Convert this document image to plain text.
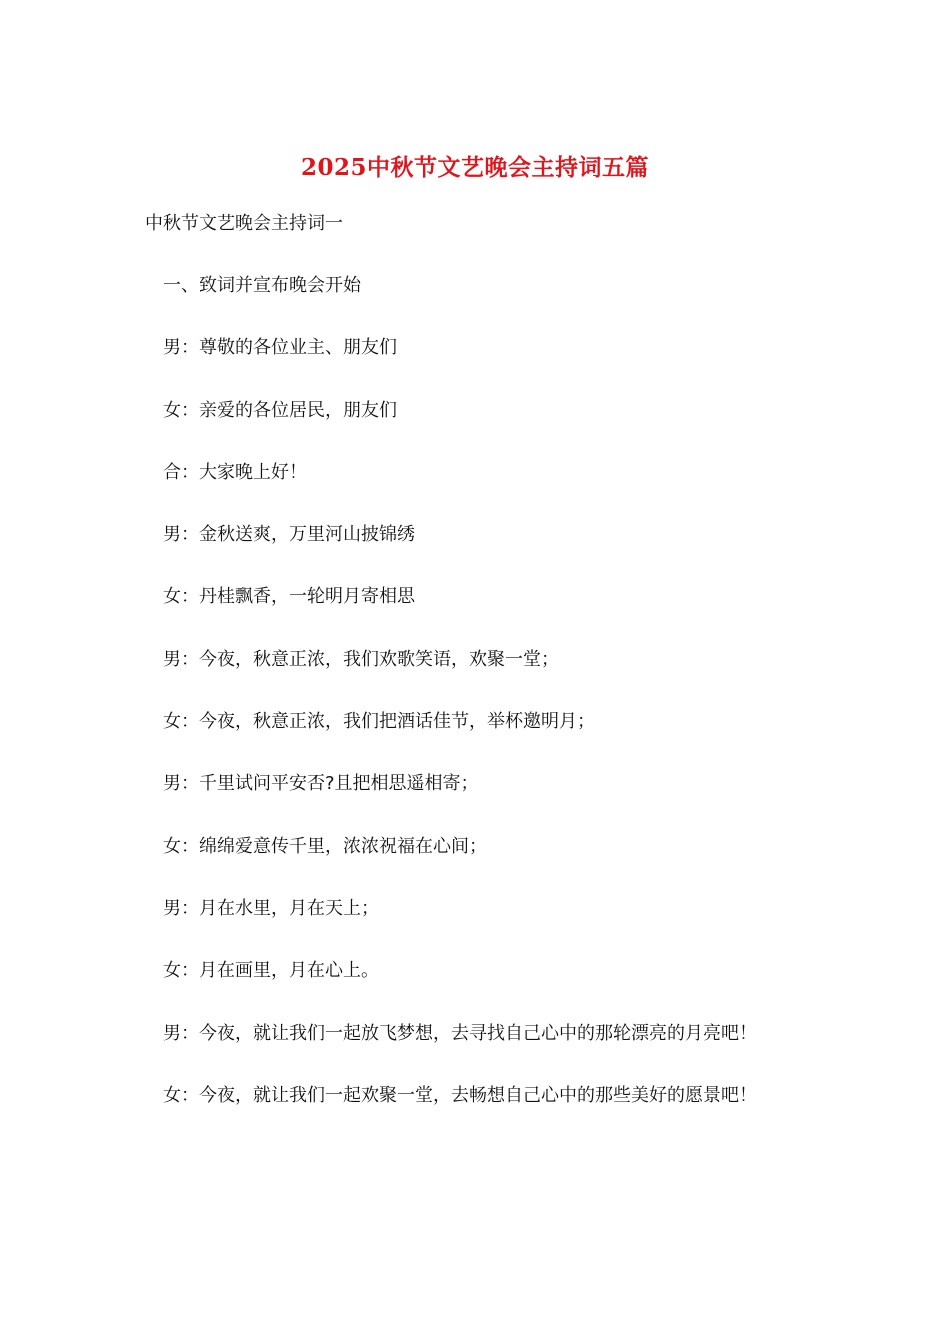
2025中秋节文艺晚会主持词五篇
中秋节文艺晚会主持词一
一、致词并宣布晚会开始
男：尊敬的各位业主、朋友们
女：亲爱的各位居民，朋友们
合：大家晚上好！
男：金秋送爽，万里河山披锦绣
女：丹桂飘香，一轮明月寄相思
男：今夜，秋意正浓，我们欢歌笑语，欢聚一堂；
女：今夜，秋意正浓，我们把酒话佳节，举杯邀明月；
男：千里试问平安否?且把相思遥相寄；
女：绵绵爱意传千里，浓浓祝福在心间；
男：月在水里，月在天上；
女：月在画里，月在心上。
男：今夜，就让我们一起放飞梦想，去寻找自己心中的那轮漂亮的月亮吧！
女：今夜，就让我们一起欢聚一堂，去畅想自己心中的那些美好的愿景吧！
